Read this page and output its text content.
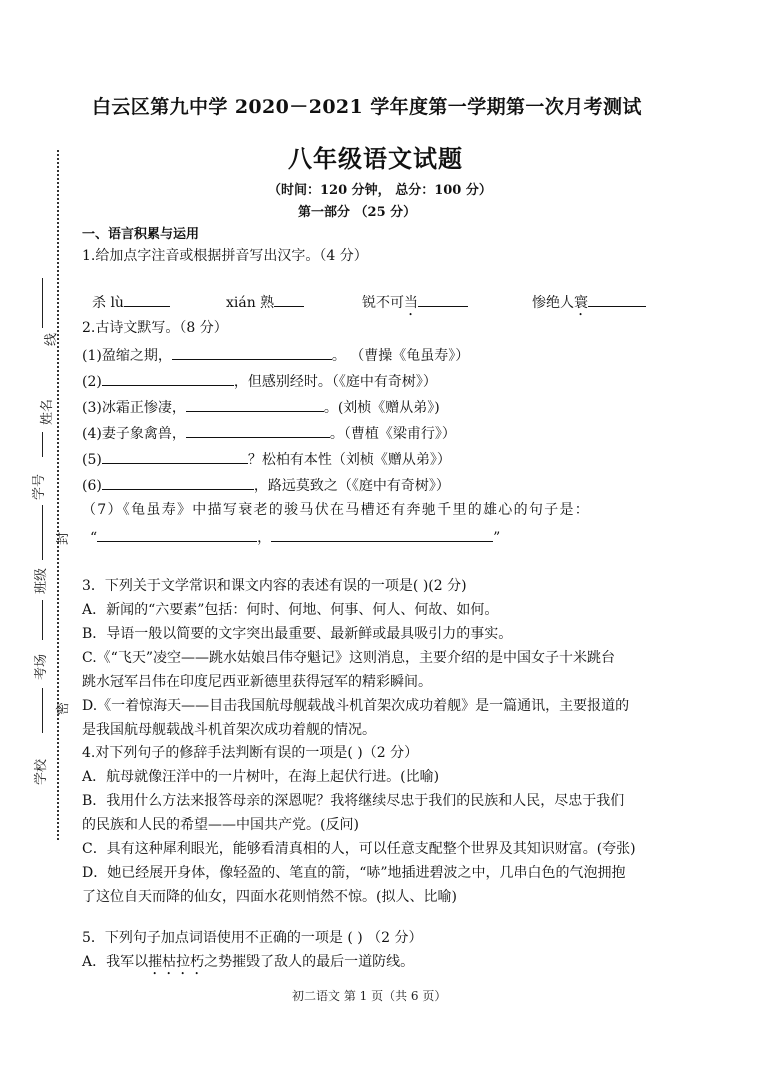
白云区第九中学 2020－2021 学年度第一学期第一次月考测试
八年级语文试题
（时间：120 分钟， 总分：100 分）
第一部分 （25 分）
一、语言积累与运用
线
姓名
学号
封
班级
考场
密
学校
1.给加点字注音或根据拼音写出汉字。（4 分）
杀 lù	xián 熟	锐不可当	惨绝人寰
2.古诗文默写。（8 分）
(1)盈缩之期，	。 （曹操《龟虽寿》）
(2)	，但感别经时。（《庭中有奇树》）
(3)冰霜正惨凄，	。(刘桢《赠从弟》)
(4)妻子象禽兽，	。（曹植《梁甫行》）
(5)	？松柏有本性（刘桢《赠从弟》）
(6)	，路远莫致之（《庭中有奇树》）
（7）《龟虽寿》中描写衰老的骏马伏在马槽还有奔驰千里的雄心的句子是：
“	，	”
3．下列关于文学常识和课文内容的表述有误的一项是( )(2 分)
A．新闻的“六要素”包括：何时、何地、何事、何人、何故、如何。
B．导语一般以简要的文字突出最重要、最新鲜或最具吸引力的事实。
C.《“飞天”凌空——跳水姑娘吕伟夺魁记》这则消息，主要介绍的是中国女子十米跳台
跳水冠军吕伟在印度尼西亚新德里获得冠军的精彩瞬间。
D.《一着惊海天——目击我国航母舰载战斗机首架次成功着舰》是一篇通讯，主要报道的
是我国航母舰载战斗机首架次成功着舰的情况。
4.对下列句子的修辞手法判断有误的一项是( )（2 分）
A．航母就像汪洋中的一片树叶，在海上起伏行进。(比喻)
B．我用什么方法来报答母亲的深恩呢？我将继续尽忠于我们的民族和人民，尽忠于我们
的民族和人民的希望——中国共产党。(反问)
C．具有这种犀利眼光，能够看清真相的人，可以任意支配整个世界及其知识财富。(夸张)
D．她已经展开身体，像轻盈的、笔直的箭，“哧”地插进碧波之中，几串白色的气泡拥抱
了这位自天而降的仙女，四面水花则悄然不惊。(拟人、比喻)
5．下列句子加点词语使用不正确的一项是 ( ) （2 分）
A．我军以摧枯拉朽之势摧毁了敌人的最后一道防线。
初二语文 第 1 页（共 6 页）
